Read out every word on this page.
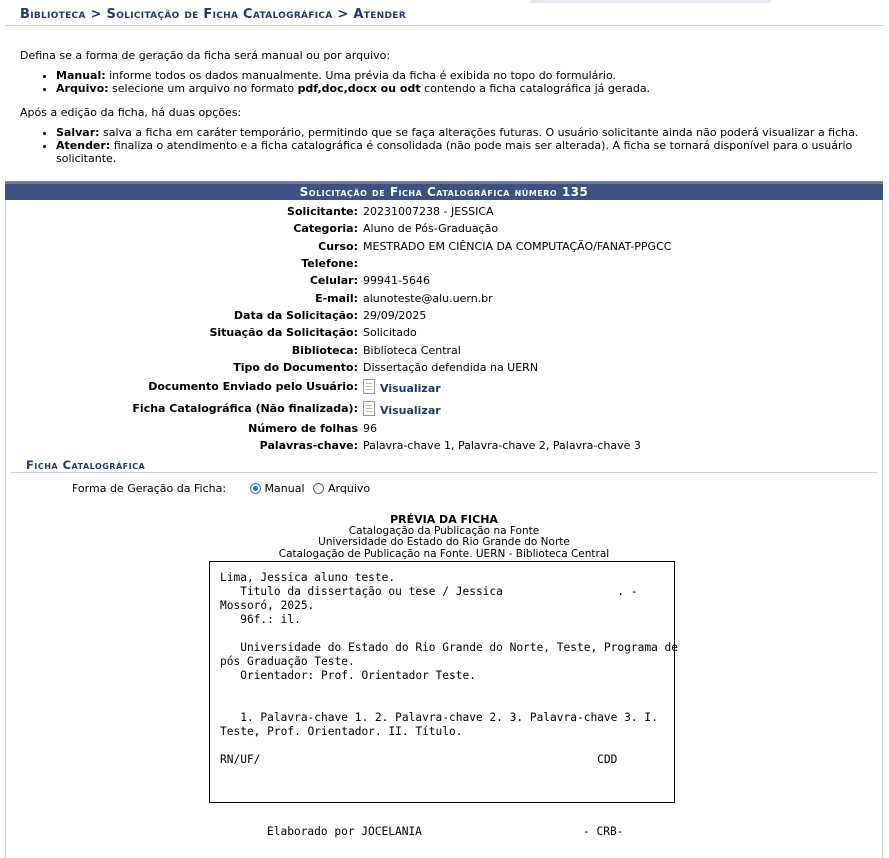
Biblioteca > Solicitação de Ficha Catalográfica > Atender

Defina se a forma de geração da ficha será manual ou por arquivo:

• Manual: informe todos os dados manualmente. Uma prévia da ficha é exibida no topo do formulário.
• Arquivo: selecione um arquivo no formato pdf,doc,docx ou odt contendo a ficha catalográfica já gerada.

Após a edição da ficha, há duas opções:

• Salvar: salva a ficha em caráter temporário, permitindo que se faça alterações futuras. O usuário solicitante ainda não poderá visualizar a ficha.
• Atender: finaliza o atendimento e a ficha catalográfica é consolidada (não pode mais ser alterada). A ficha se tornará disponível para o usuário solicitante.
Solicitação de Ficha Catalográfica número 135
Solicitante:	20231007238 - JESSICA
Categoria:	Aluno de Pós-Graduação
Curso:	MESTRADO EM CIÊNCIA DA COMPUTAÇÃO/FANAT-PPGCC
Telefone:	
Celular:	99941-5646
E-mail:	alunoteste@alu.uern.br
Data da Solicitação:	29/09/2025
Situação da Solicitação:	Solicitado
Biblioteca:	Biblioteca Central
Tipo do Documento:	Dissertação defendida na UERN
Documento Enviado pelo Usuário:	Visualizar
Ficha Catalográfica (Não finalizada):	Visualizar
Número de folhas	96
Palavras-chave:	Palavra-chave 1, Palavra-chave 2, Palavra-chave 3
Ficha Catalográfica
Forma de Geração da Ficha:	Manual Arquivo
PRÉVIA DA FICHA
Catalogação da Publicação na Fonte
Universidade do Estado do Rio Grande do Norte
Catalogação de Publicação na Fonte. UERN - Biblioteca Central
Lima, Jessica aluno teste.
Titulo da dissertação ou tese / Jessica                 . -
Mossoró, 2025.
96f.: il.
Universidade do Estado do Rio Grande do Norte, Teste, Programa de
pós Graduação Teste.
Orientador: Prof. Orientador Teste.
1. Palavra-chave 1. 2. Palavra-chave 2. 3. Palavra-chave 3. I.
Teste, Prof. Orientador. II. Título.
RN/UF/                                                  CDD
Elaborado por JOCELANIA	- CRB-
